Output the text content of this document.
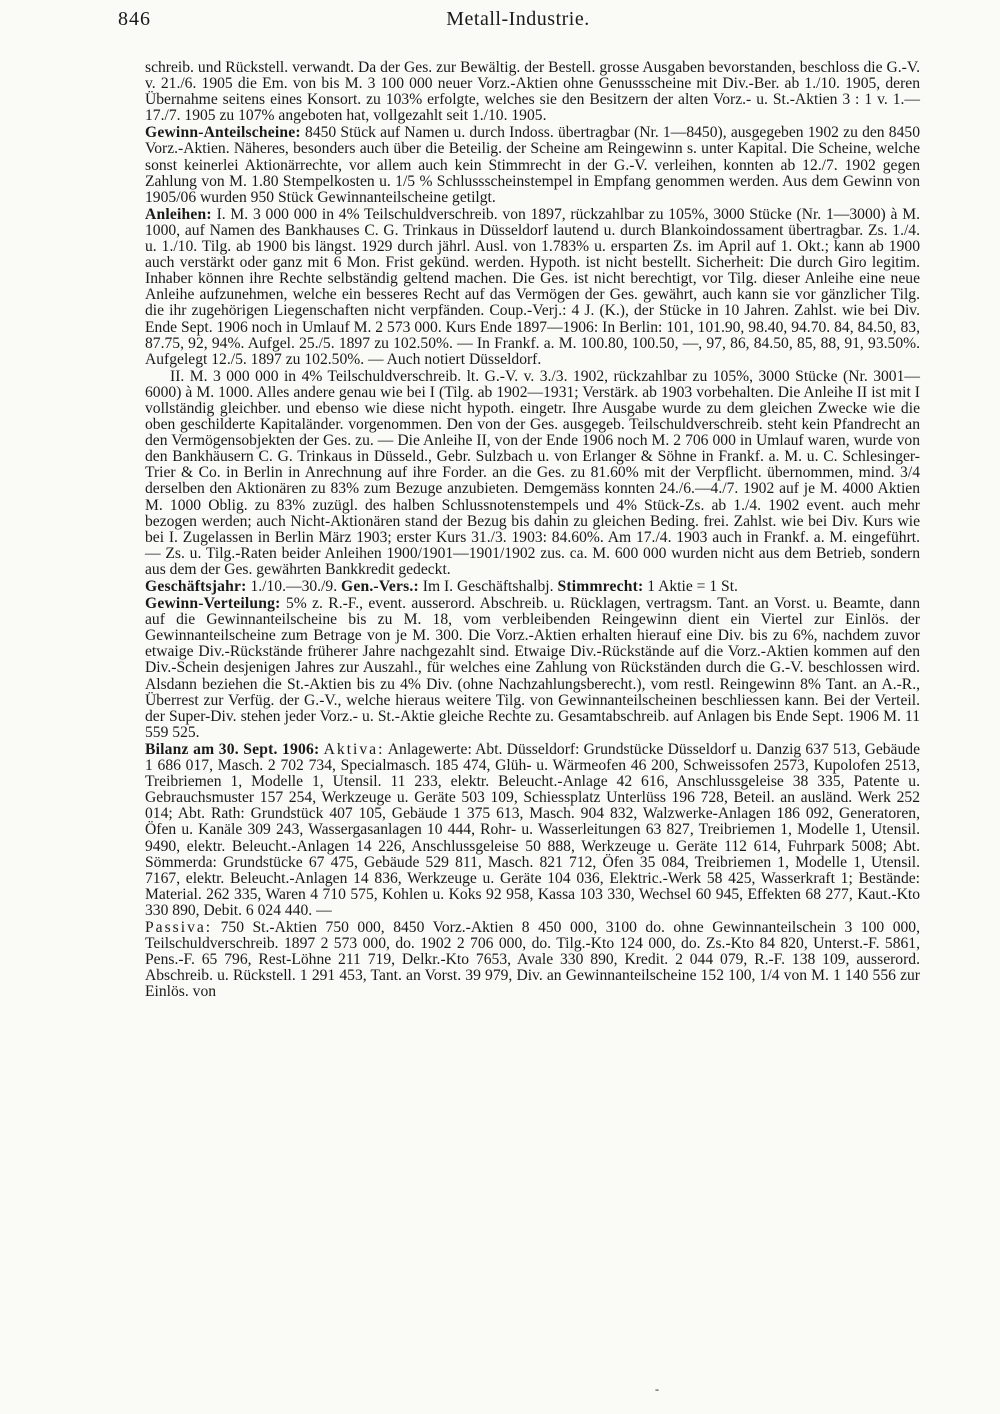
846	Metall-Industrie.

schreib. und Rückstell. verwandt. Da der Ges. zur Bewältig. der Bestell. grosse Ausgaben bevorstanden, beschloss die G.-V. v. 21./6. 1905 die Em. von bis M. 3 100 000 neuer Vorz.-Aktien ohne Genussscheine mit Div.-Ber. ab 1./10. 1905, deren Übernahme seitens eines Konsort. zu 103% erfolgte, welches sie den Besitzern der alten Vorz.- u. St.-Aktien 3 : 1 v. 1.—17./7. 1905 zu 107% angeboten hat, vollgezahlt seit 1./10. 1905.

Gewinn-Anteilscheine: 8450 Stück auf Namen u. durch Indoss. übertragbar (Nr. 1—8450), ausgegeben 1902 zu den 8450 Vorz.-Aktien. Näheres, besonders auch über die Beteilig. der Scheine am Reingewinn s. unter Kapital. Die Scheine, welche sonst keinerlei Aktionärrechte, vor allem auch kein Stimmrecht in der G.-V. verleihen, konnten ab 12./7. 1902 gegen Zahlung von M. 1.80 Stempelkosten u. 1/5 % Schlussscheinstempel in Empfang genommen werden. Aus dem Gewinn von 1905/06 wurden 950 Stück Gewinnanteilscheine getilgt.

Anleihen: I. M. 3 000 000 in 4% Teilschuldverschreib. von 1897, rückzahlbar zu 105%, 3000 Stücke (Nr. 1—3000) à M. 1000, auf Namen des Bankhauses C. G. Trinkaus in Düsseldorf lautend u. durch Blankoindossament übertragbar. Zs. 1./4. u. 1./10. Tilg. ab 1900 bis längst. 1929 durch jährl. Ausl. von 1.783% u. ersparten Zs. im April auf 1. Okt.; kann ab 1900 auch verstärkt oder ganz mit 6 Mon. Frist gekünd. werden. Hypoth. ist nicht bestellt. Sicherheit: Die durch Giro legitim. Inhaber können ihre Rechte selbständig geltend machen. Die Ges. ist nicht berechtigt, vor Tilg. dieser Anleihe eine neue Anleihe aufzunehmen, welche ein besseres Recht auf das Vermögen der Ges. gewährt, auch kann sie vor gänzlicher Tilg. die ihr zugehörigen Liegenschaften nicht verpfänden. Coup.-Verj.: 4 J. (K.), der Stücke in 10 Jahren. Zahlst. wie bei Div. Ende Sept. 1906 noch in Umlauf M. 2 573 000. Kurs Ende 1897—1906: In Berlin: 101, 101.90, 98.40, 94.70. 84, 84.50, 83, 87.75, 92, 94%. Aufgel. 25./5. 1897 zu 102.50%. — In Frankf. a. M. 100.80, 100.50, —, 97, 86, 84.50, 85, 88, 91, 93.50%. Aufgelegt 12./5. 1897 zu 102.50%. — Auch notiert Düsseldorf.

II. M. 3 000 000 in 4% Teilschuldverschreib. lt. G.-V. v. 3./3. 1902, rückzahlbar zu 105%, 3000 Stücke (Nr. 3001—6000) à M. 1000. Alles andere genau wie bei I (Tilg. ab 1902—1931; Verstärk. ab 1903 vorbehalten. Die Anleihe II ist mit I vollständig gleichber. und ebenso wie diese nicht hypoth. eingetr. Ihre Ausgabe wurde zu dem gleichen Zwecke wie die oben geschilderte Kapitaländer. vorgenommen. Den von der Ges. ausgegeb. Teilschuldverschreib. steht kein Pfandrecht an den Vermögensobjekten der Ges. zu. — Die Anleihe II, von der Ende 1906 noch M. 2 706 000 in Umlauf waren, wurde von den Bankhäusern C. G. Trinkaus in Düsseld., Gebr. Sulzbach u. von Erlanger & Söhne in Frankf. a. M. u. C. Schlesinger-Trier & Co. in Berlin in Anrechnung auf ihre Forder. an die Ges. zu 81.60% mit der Verpflicht. übernommen, mind. 3/4 derselben den Aktionären zu 83% zum Bezuge anzubieten. Demgemäss konnten 24./6.—4./7. 1902 auf je M. 4000 Aktien M. 1000 Oblig. zu 83% zuzügl. des halben Schlussnotenstempels und 4% Stück-Zs. ab 1./4. 1902 event. auch mehr bezogen werden; auch Nicht-Aktionären stand der Bezug bis dahin zu gleichen Beding. frei. Zahlst. wie bei Div. Kurs wie bei I. Zugelassen in Berlin März 1903; erster Kurs 31./3. 1903: 84.60%. Am 17./4. 1903 auch in Frankf. a. M. eingeführt. — Zs. u. Tilg.-Raten beider Anleihen 1900/1901—1901/1902 zus. ca. M. 600 000 wurden nicht aus dem Betrieb, sondern aus dem der Ges. gewährten Bankkredit gedeckt.

Geschäftsjahr: 1./10.—30./9. Gen.-Vers.: Im I. Geschäftshalbj. Stimmrecht: 1 Aktie = 1 St.

Gewinn-Verteilung: 5% z. R.-F., event. ausserord. Abschreib. u. Rücklagen, vertragsm. Tant. an Vorst. u. Beamte, dann auf die Gewinnanteilscheine bis zu M. 18, vom verbleibenden Reingewinn dient ein Viertel zur Einlös. der Gewinnanteilscheine zum Betrage von je M. 300. Die Vorz.-Aktien erhalten hierauf eine Div. bis zu 6%, nachdem zuvor etwaige Div.-Rückstände früherer Jahre nachgezahlt sind. Etwaige Div.-Rückstände auf die Vorz.-Aktien kommen auf den Div.-Schein desjenigen Jahres zur Auszahl., für welches eine Zahlung von Rückständen durch die G.-V. beschlossen wird. Alsdann beziehen die St.-Aktien bis zu 4% Div. (ohne Nachzahlungsberecht.), vom restl. Reingewinn 8% Tant. an A.-R., Überrest zur Verfüg. der G.-V., welche hieraus weitere Tilg. von Gewinnanteilscheinen beschliessen kann. Bei der Verteil. der Super-Div. stehen jeder Vorz.- u. St.-Aktie gleiche Rechte zu. Gesamtabschreib. auf Anlagen bis Ende Sept. 1906 M. 11 559 525.

Bilanz am 30. Sept. 1906: Aktiva: Anlagewerte: Abt. Düsseldorf: Grundstücke Düsseldorf u. Danzig 637 513, Gebäude 1 686 017, Masch. 2 702 734, Specialmasch. 185 474, Glüh- u. Wärmeofen 46 200, Schweissofen 2573, Kupolofen 2513, Treibriemen 1, Modelle 1, Utensil. 11 233, elektr. Beleucht.-Anlage 42 616, Anschlussgeleise 38 335, Patente u. Gebrauchsmuster 157 254, Werkzeuge u. Geräte 503 109, Schiessplatz Unterlüss 196 728, Beteil. an ausländ. Werk 252 014; Abt. Rath: Grundstück 407 105, Gebäude 1 375 613, Masch. 904 832, Walzwerke-Anlagen 186 092, Generatoren, Öfen u. Kanäle 309 243, Wassergasanlagen 10 444, Rohr- u. Wasserleitungen 63 827, Treibriemen 1, Modelle 1, Utensil. 9490, elektr. Beleucht.-Anlagen 14 226, Anschlussgeleise 50 888, Werkzeuge u. Geräte 112 614, Fuhrpark 5008; Abt. Sömmerda: Grundstücke 67 475, Gebäude 529 811, Masch. 821 712, Öfen 35 084, Treibriemen 1, Modelle 1, Utensil. 7167, elektr. Beleucht.-Anlagen 14 836, Werkzeuge u. Geräte 104 036, Elektric.-Werk 58 425, Wasserkraft 1; Bestände: Material. 262 335, Waren 4 710 575, Kohlen u. Koks 92 958, Kassa 103 330, Wechsel 60 945, Effekten 68 277, Kaut.-Kto 330 890, Debit. 6 024 440. —

Passiva: 750 St.-Aktien 750 000, 8450 Vorz.-Aktien 8 450 000, 3100 do. ohne Gewinnanteilschein 3 100 000, Teilschuldverschreib. 1897 2 573 000, do. 1902 2 706 000, do. Tilg.-Kto 124 000, do. Zs.-Kto 84 820, Unterst.-F. 5861, Pens.-F. 65 796, Rest-Löhne 211 719, Delkr.-Kto 7653, Avale 330 890, Kredit. 2 044 079, R.-F. 138 109, ausserord. Abschreib. u. Rückstell. 1 291 453, Tant. an Vorst. 39 979, Div. an Gewinnanteilscheine 152 100, 1/4 von M. 1 140 556 zur Einlös. von

-
